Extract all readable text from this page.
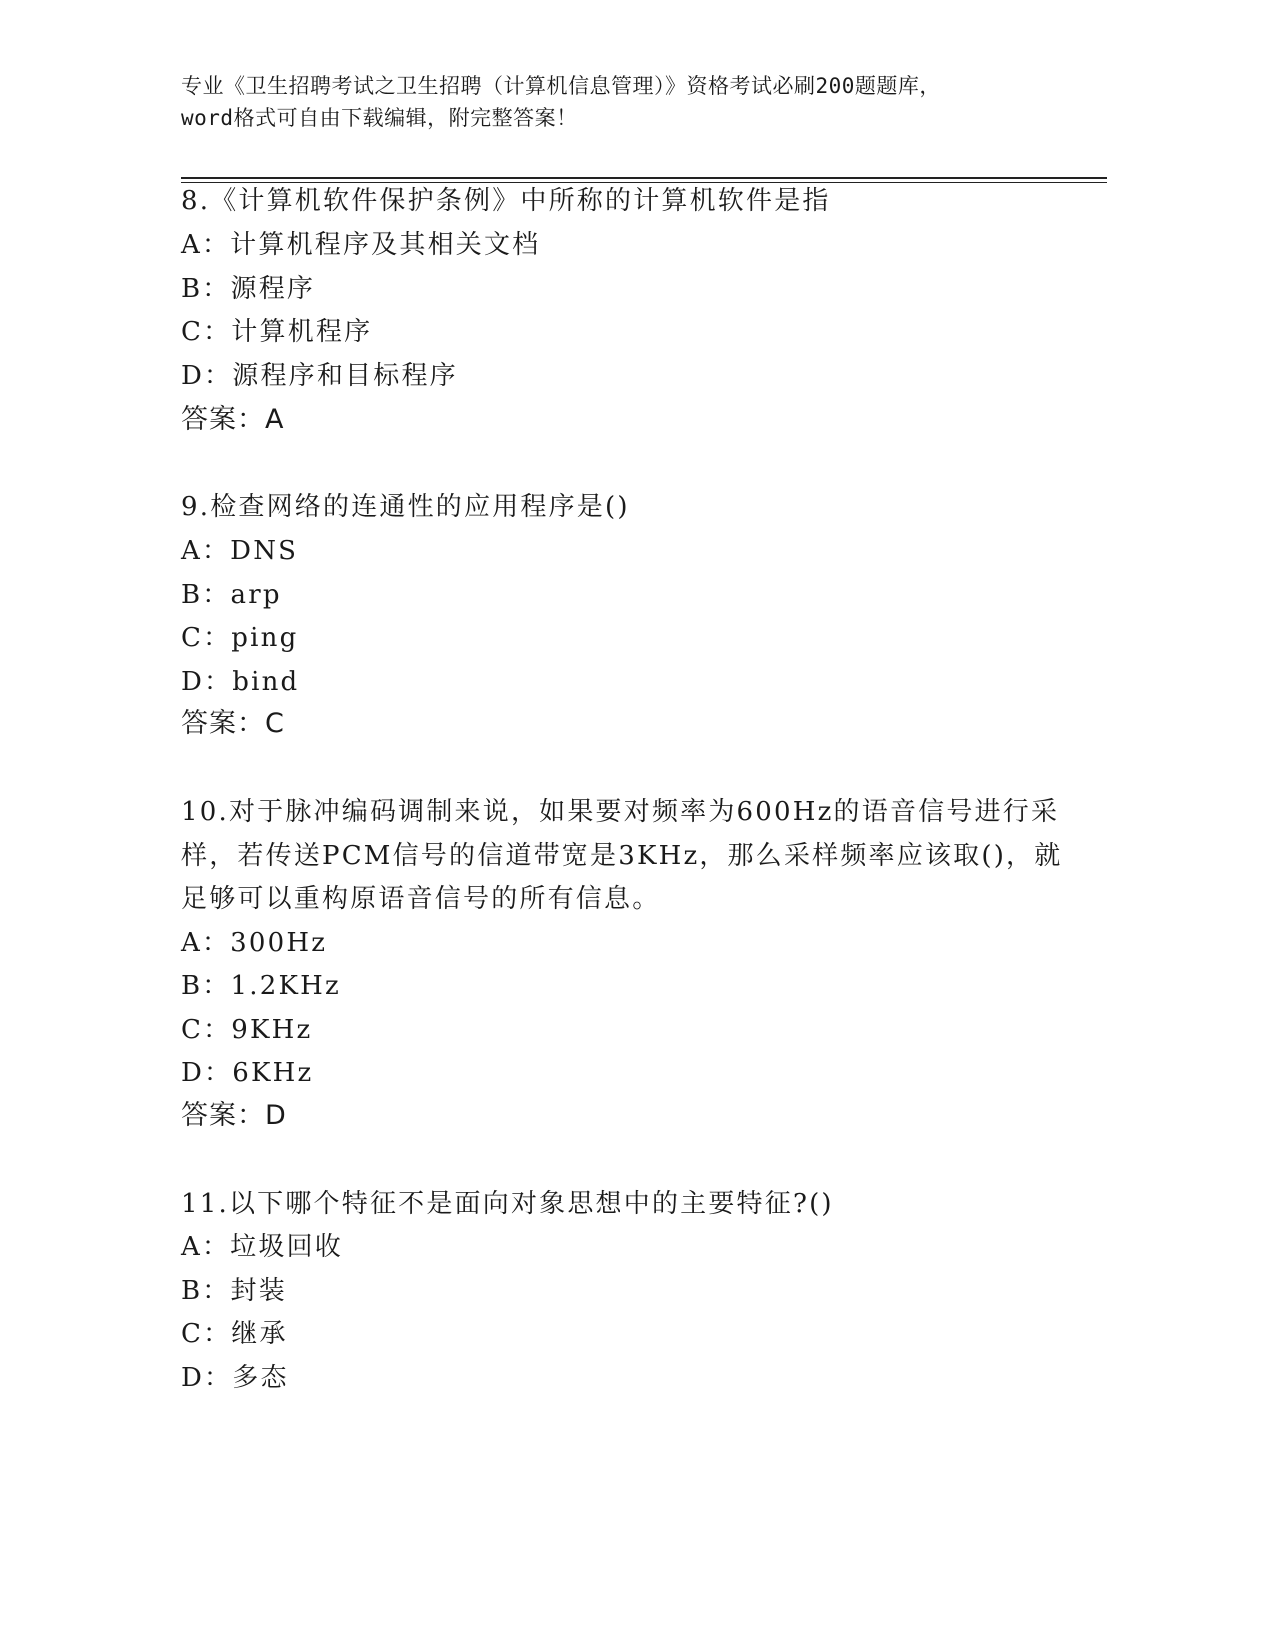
专业《卫生招聘考试之卫生招聘（计算机信息管理）》资格考试必刷200题题库，
word格式可自由下载编辑，附完整答案！
8.《计算机软件保护条例》中所称的计算机软件是指
A：计算机程序及其相关文档
B：源程序
C：计算机程序
D：源程序和目标程序
答案：A
9.检查网络的连通性的应用程序是()
A：DNS
B：arp
C：ping
D：bind
答案：C
10.对于脉冲编码调制来说，如果要对频率为600Hz的语音信号进行采
样，若传送PCM信号的信道带宽是3KHz，那么采样频率应该取()，就
足够可以重构原语音信号的所有信息。
A：300Hz
B：1.2KHz
C：9KHz
D：6KHz
答案：D
11.以下哪个特征不是面向对象思想中的主要特征?()
A：垃圾回收
B：封装
C：继承
D：多态
